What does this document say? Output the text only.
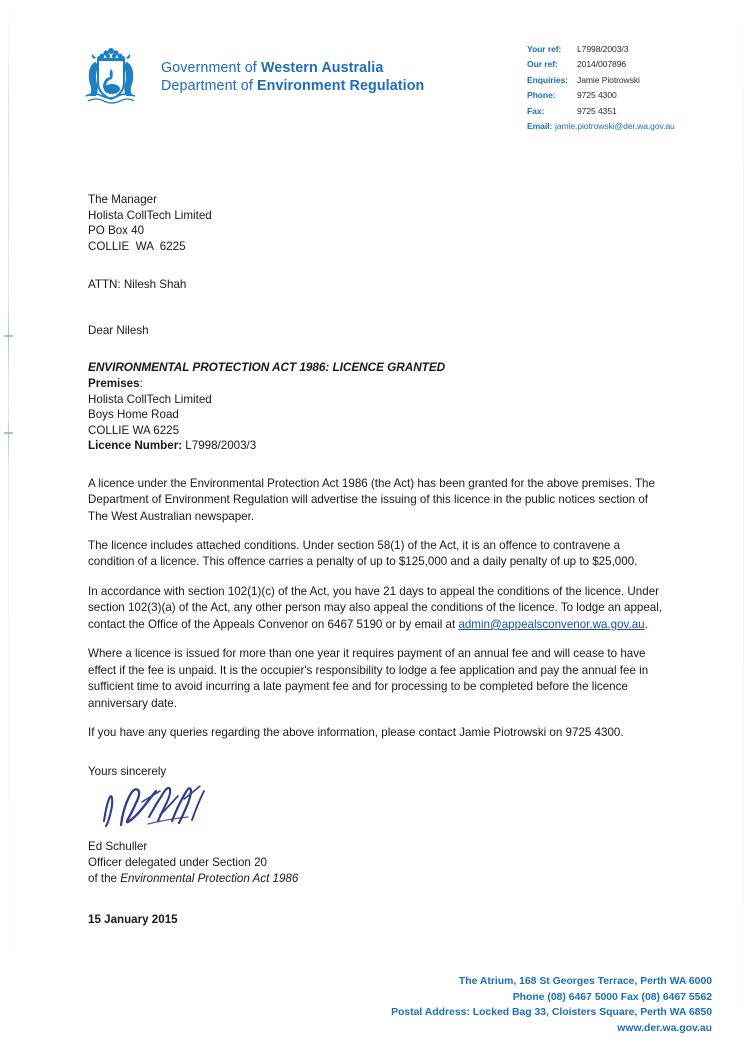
Government of Western Australia
Department of Environment Regulation
Your ref:	L7998/2003/3
Our ref:	2014/007896
Enquiries:	Jamie Piotrowski
Phone:	9725 4300
Fax:	9725 4351
Email: jamie.piotrowski@der.wa.gov.au
The Manager
Holista CollTech Limited
PO Box 40
COLLIE  WA  6225
ATTN: Nilesh Shah
Dear Nilesh
ENVIRONMENTAL PROTECTION ACT 1986: LICENCE GRANTED
Premises:
Holista CollTech Limited
Boys Home Road
COLLIE WA 6225
Licence Number: L7998/2003/3

A licence under the Environmental Protection Act 1986 (the Act) has been granted for the above premises. The Department of Environment Regulation will advertise the issuing of this licence in the public notices section of The West Australian newspaper.

The licence includes attached conditions. Under section 58(1) of the Act, it is an offence to contravene a condition of a licence. This offence carries a penalty of up to $125,000 and a daily penalty of up to $25,000.

In accordance with section 102(1)(c) of the Act, you have 21 days to appeal the conditions of the licence. Under section 102(3)(a) of the Act, any other person may also appeal the conditions of the licence. To lodge an appeal, contact the Office of the Appeals Convenor on 6467 5190 or by email at admin@appealsconvenor.wa.gov.au.

Where a licence is issued for more than one year it requires payment of an annual fee and will cease to have effect if the fee is unpaid. It is the occupier's responsibility to lodge a fee application and pay the annual fee in sufficient time to avoid incurring a late payment fee and for processing to be completed before the licence anniversary date.

If you have any queries regarding the above information, please contact Jamie Piotrowski on 9725 4300.

Yours sincerely
Ed Schuller
Officer delegated under Section 20
of the Environmental Protection Act 1986
15 January 2015
The Atrium, 168 St Georges Terrace, Perth WA 6000
Phone (08) 6467 5000 Fax (08) 6467 5562
Postal Address: Locked Bag 33, Cloisters Square, Perth WA 6850
www.der.wa.gov.au
